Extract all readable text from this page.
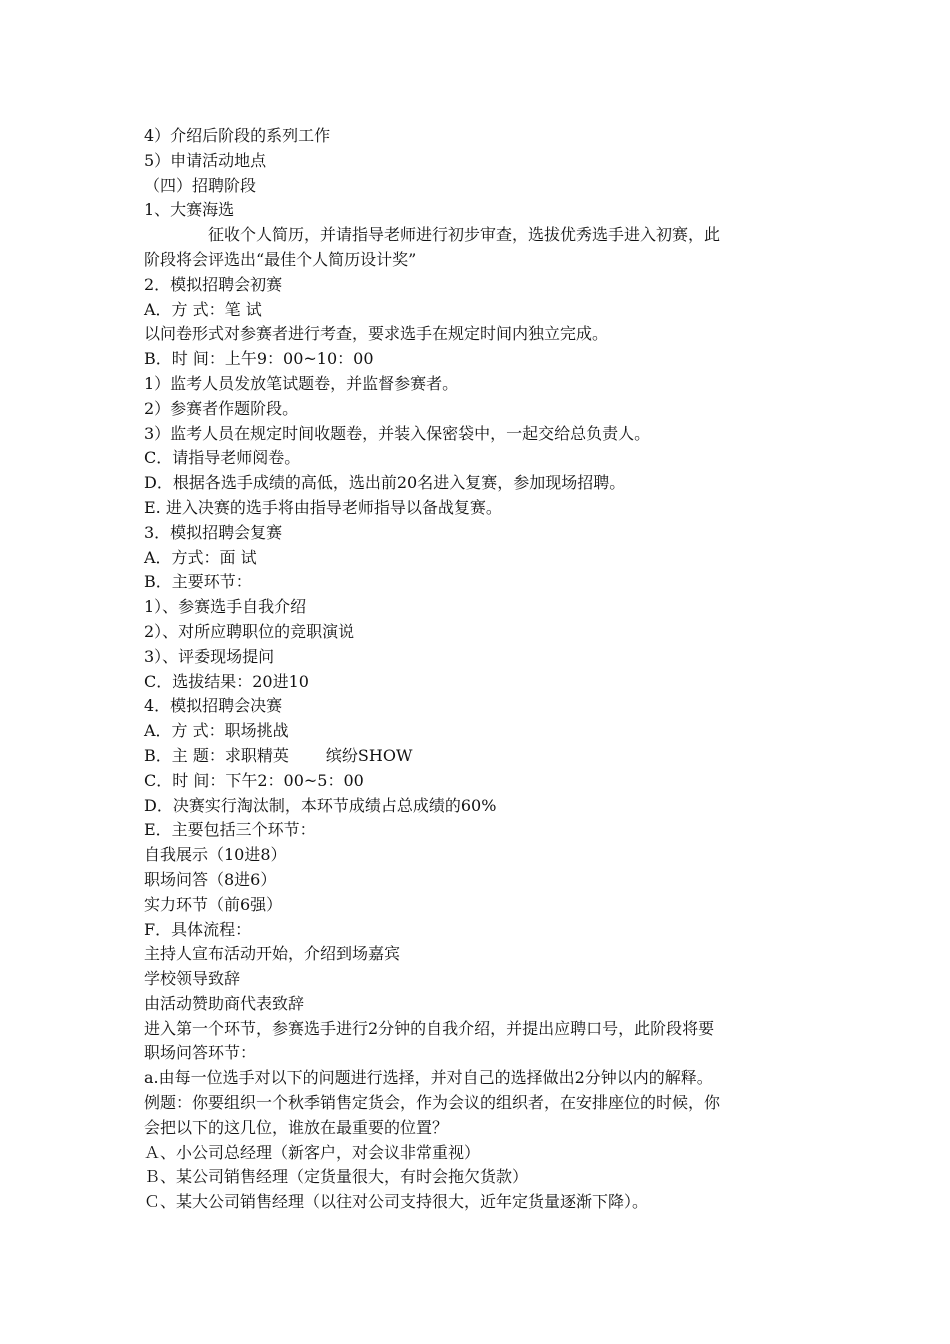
4）介绍后阶段的系列工作
5）申请活动地点
（四）招聘阶段
1、大赛海选
征收个人简历，并请指导老师进行初步审查，选拔优秀选手进入初赛，此
阶段将会评选出“最佳个人简历设计奖”
2．模拟招聘会初赛
A．方 式：笔 试
以问卷形式对参赛者进行考查，要求选手在规定时间内独立完成。
B．时 间：上午9：00~10：00
1）监考人员发放笔试题卷，并监督参赛者。
2）参赛者作题阶段。
3）监考人员在规定时间收题卷，并装入保密袋中，一起交给总负责人。
C．请指导老师阅卷。
D．根据各选手成绩的高低，选出前20名进入复赛，参加现场招聘。
E. 进入决赛的选手将由指导老师指导以备战复赛。
3．模拟招聘会复赛
A．方式：面 试
B．主要环节：
1）、参赛选手自我介绍
2）、对所应聘职位的竞职演说
3）、评委现场提问
C．选拔结果：20进10
4．模拟招聘会决赛
A．方 式：职场挑战
B．主 题：求职精英　　 缤纷SHOW
C．时 间：下午2：00~5：00
D．决赛实行淘汰制，本环节成绩占总成绩的60%
E．主要包括三个环节：
自我展示（10进8）
职场问答（8进6）
实力环节（前6强）
F．具体流程：
主持人宣布活动开始，介绍到场嘉宾
学校领导致辞
由活动赞助商代表致辞
进入第一个环节，参赛选手进行2分钟的自我介绍，并提出应聘口号，此阶段将要
职场问答环节：
a.由每一位选手对以下的问题进行选择，并对自己的选择做出2分钟以内的解释。
例题：你要组织一个秋季销售定货会，作为会议的组织者，在安排座位的时候，你
会把以下的这几位，谁放在最重要的位置？
Ａ、小公司总经理（新客户，对会议非常重视）
Ｂ、某公司销售经理（定货量很大，有时会拖欠货款）
Ｃ、某大公司销售经理（以往对公司支持很大，近年定货量逐渐下降）。
